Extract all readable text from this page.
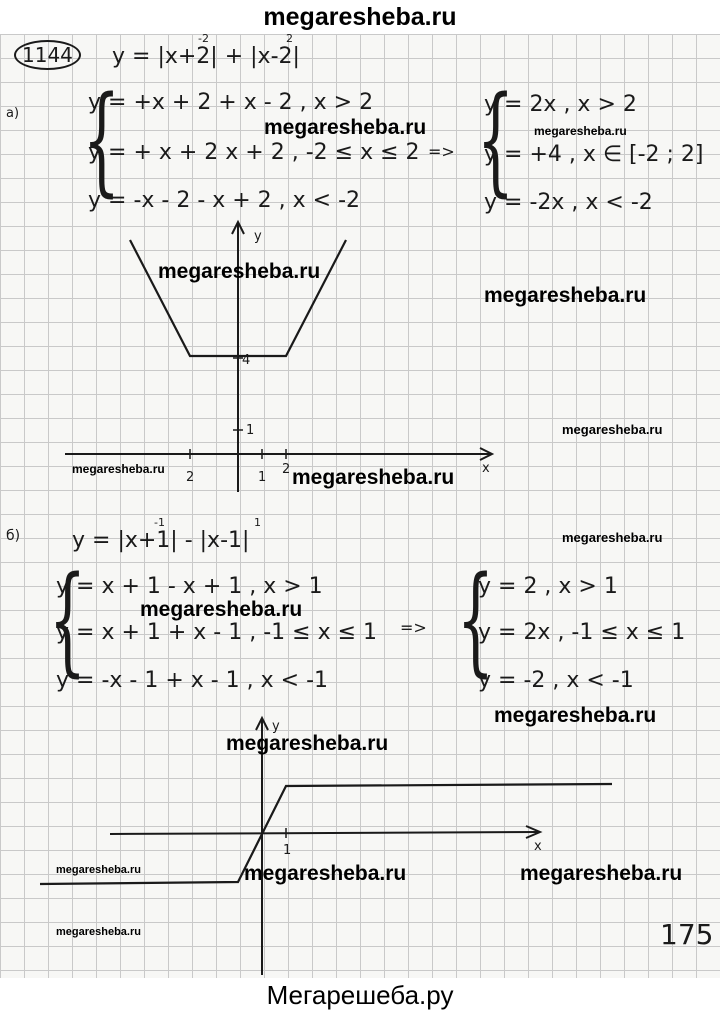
megaresheba.ru
1144	y = |x+2| + |x-2|
-2	2
а) {
y = +x + 2 + x - 2 , x > 2
y = + x + 2 x + 2 , -2 ≤ x ≤ 2
y = -x - 2 - x + 2 , x < -2
=> {
y = 2x , x > 2
y = +4 , x ∈ [-2 ; 2]
y = -2x , x < -2
б) y = |x+1| - |x-1|
-1	1
{
y = x + 1 - x + 1 , x > 1
y = x + 1 + x - 1 , -1 ≤ x ≤ 1
y = -x - 1 + x - 1 , x < -1
=> {
y = 2 , x > 1
y = 2x , -1 ≤ x ≤ 1
y = -2 , x < -1
175
y
x
2	1
2
1
4
y
x
1
megaresheba.ru	megaresheba.ru
megaresheba.ru
megaresheba.ru
megaresheba.ru
megaresheba.ru	megaresheba.ru
megaresheba.ru
megaresheba.ru
megaresheba.ru
megaresheba.ru
megaresheba.ru	megaresheba.ru	megaresheba.ru
megaresheba.ru
Мегарешеба.ру
